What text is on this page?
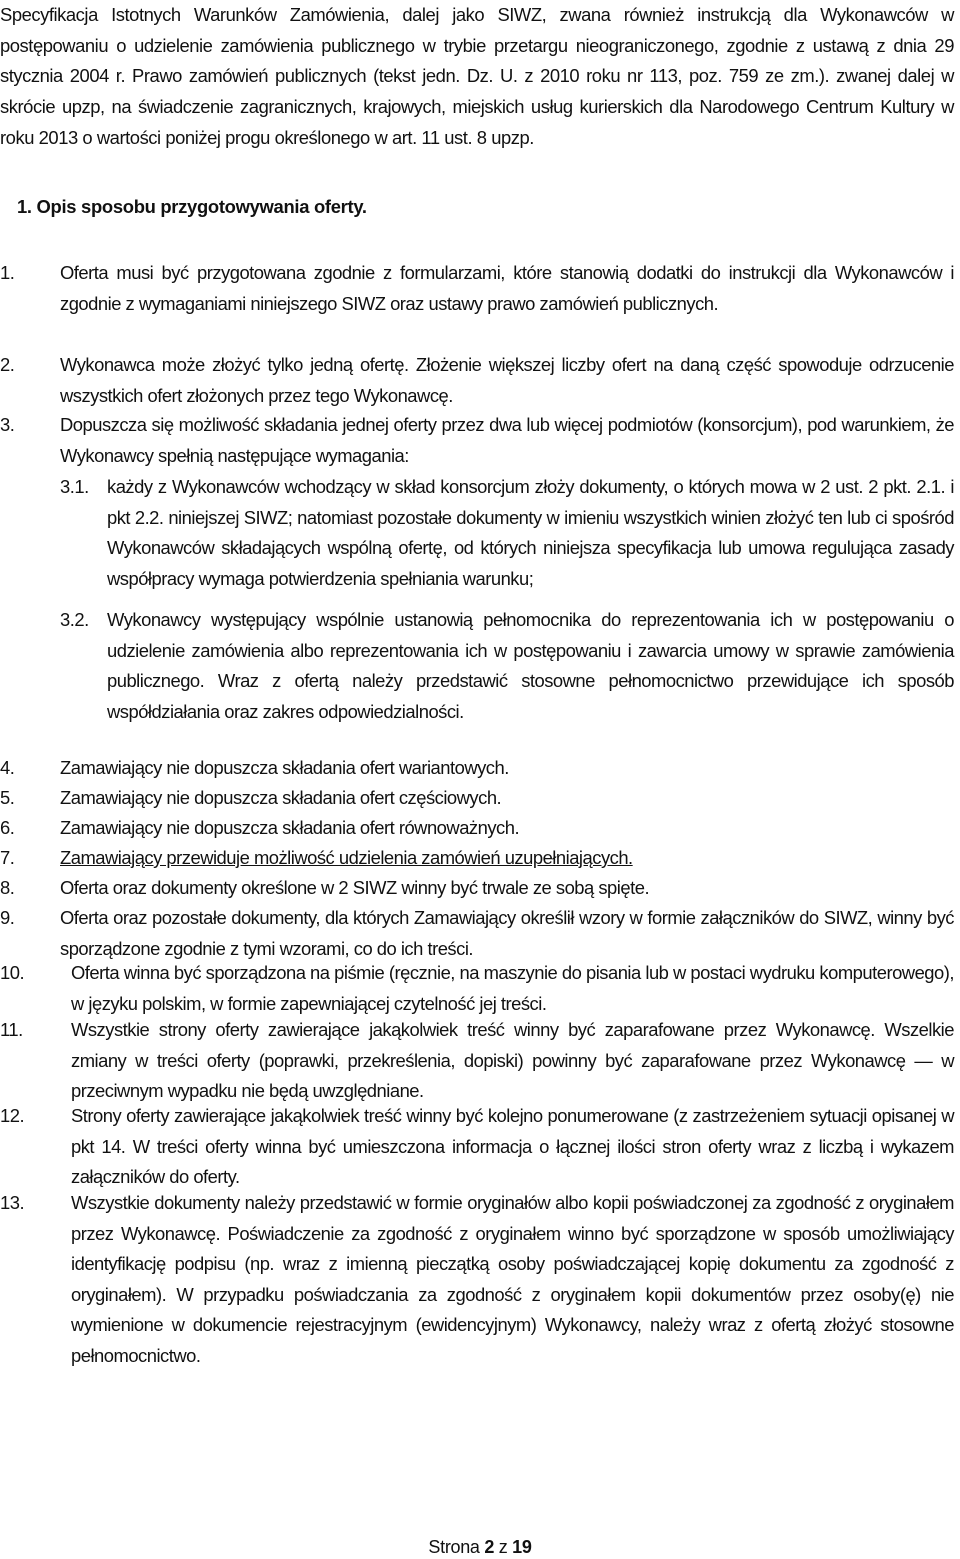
Specyfikacja Istotnych Warunków Zamówienia, dalej jako SIWZ, zwana również instrukcją dla Wykonawców w postępowaniu o udzielenie zamówienia publicznego w trybie przetargu nieograniczonego, zgodnie z ustawą z dnia 29 stycznia 2004 r. Prawo zamówień publicznych (tekst jedn. Dz. U. z 2010 roku nr 113, poz. 759 ze zm.). zwanej dalej w skrócie upzp, na świadczenie zagranicznych, krajowych, miejskich usług kurierskich dla Narodowego Centrum Kultury w roku 2013 o wartości poniżej progu określonego w art. 11 ust. 8 upzp.
1. Opis sposobu przygotowywania oferty.
1.	Oferta musi być przygotowana zgodnie z formularzami, które stanowią dodatki do instrukcji dla Wykonawców i zgodnie z wymaganiami niniejszego SIWZ oraz ustawy prawo zamówień publicznych.
2.	Wykonawca może złożyć tylko jedną ofertę. Złożenie większej liczby ofert na daną część spowoduje odrzucenie wszystkich ofert złożonych przez tego Wykonawcę.
3.	Dopuszcza się możliwość składania jednej oferty przez dwa lub więcej podmiotów (konsorcjum), pod warunkiem, że Wykonawcy spełnią następujące wymagania:
3.1. każdy z Wykonawców wchodzący w skład konsorcjum złoży dokumenty, o których mowa w 2 ust. 2 pkt. 2.1. i pkt 2.2. niniejszej SIWZ; natomiast pozostałe dokumenty w imieniu wszystkich winien złożyć ten lub ci spośród Wykonawców składających wspólną ofertę, od których niniejsza specyfikacja lub umowa regulująca zasady współpracy wymaga potwierdzenia spełniania warunku;
3.2. Wykonawcy występujący wspólnie ustanowią pełnomocnika do reprezentowania ich w postępowaniu o udzielenie zamówienia albo reprezentowania ich w postępowaniu i zawarcia umowy w sprawie zamówienia publicznego. Wraz z ofertą należy przedstawić stosowne pełnomocnictwo przewidujące ich sposób współdziałania oraz zakres odpowiedzialności.
4.	Zamawiający nie dopuszcza składania ofert wariantowych.
5.	Zamawiający nie dopuszcza składania ofert częściowych.
6.	Zamawiający nie dopuszcza składania ofert równoważnych.
7.	Zamawiający przewiduje możliwość udzielenia zamówień uzupełniających.
8.	Oferta oraz dokumenty określone w 2 SIWZ winny być trwale ze sobą spięte.
9.	Oferta oraz pozostałe dokumenty, dla których Zamawiający określił wzory w formie załączników do SIWZ, winny być sporządzone zgodnie z tymi wzorami, co do ich treści.
10.	Oferta winna być sporządzona na piśmie (ręcznie, na maszynie do pisania lub w postaci wydruku komputerowego), w języku polskim, w formie zapewniającej czytelność jej treści.
11.	Wszystkie strony oferty zawierające jakąkolwiek treść winny być zaparafowane przez Wykonawcę. Wszelkie zmiany w treści oferty (poprawki, przekreślenia, dopiski) powinny być zaparafowane przez Wykonawcę — w przeciwnym wypadku nie będą uwzględniane.
12.	Strony oferty zawierające jakąkolwiek treść winny być kolejno ponumerowane (z zastrzeżeniem sytuacji opisanej w pkt 14. W treści oferty winna być umieszczona informacja o łącznej ilości stron oferty wraz z liczbą i wykazem załączników do oferty.
13.	Wszystkie dokumenty należy przedstawić w formie oryginałów albo kopii poświadczonej za zgodność z oryginałem przez Wykonawcę. Poświadczenie za zgodność z oryginałem winno być sporządzone w sposób umożliwiający identyfikację podpisu (np. wraz z imienną pieczątką osoby poświadczającej kopię dokumentu za zgodność z oryginałem). W przypadku poświadczania za zgodność z oryginałem kopii dokumentów przez osoby(ę) nie wymienione w dokumencie rejestracyjnym (ewidencyjnym) Wykonawcy, należy wraz z ofertą złożyć stosowne pełnomocnictwo.
Strona 2 z 19
